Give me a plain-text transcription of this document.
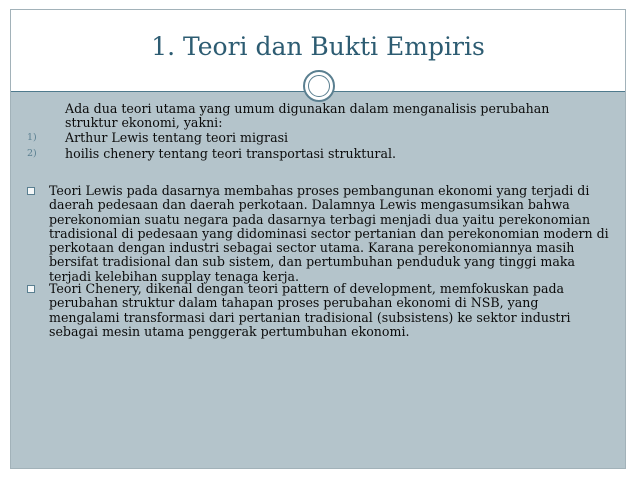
1. Teori dan Bukti Empiris
Ada dua teori utama yang umum digunakan dalam menganalisis perubahan struktur ekonomi, yakni:
1) Arthur Lewis tentang teori migrasi
2) hoilis chenery tentang teori transportasi struktural.
Teori Lewis pada dasarnya membahas proses pembangunan ekonomi yang terjadi di daerah pedesaan dan daerah perkotaan. Dalamnya Lewis mengasumsikan bahwa perekonomian suatu negara pada dasarnya terbagi menjadi dua yaitu perekonomian tradisional di pedesaan yang didominasi sector pertanian dan perekonomian modern di perkotaan dengan industri sebagai sector utama. Karana perekonomiannya masih bersifat tradisional dan sub sistem, dan pertumbuhan penduduk yang tinggi maka terjadi kelebihan supplay tenaga kerja.
Teori Chenery, dikenal dengan teori pattern of development, memfokuskan pada perubahan struktur dalam tahapan proses perubahan ekonomi di NSB, yang mengalami transformasi dari pertanian tradisional (subsistens) ke sektor industri sebagai mesin utama penggerak pertumbuhan ekonomi.
